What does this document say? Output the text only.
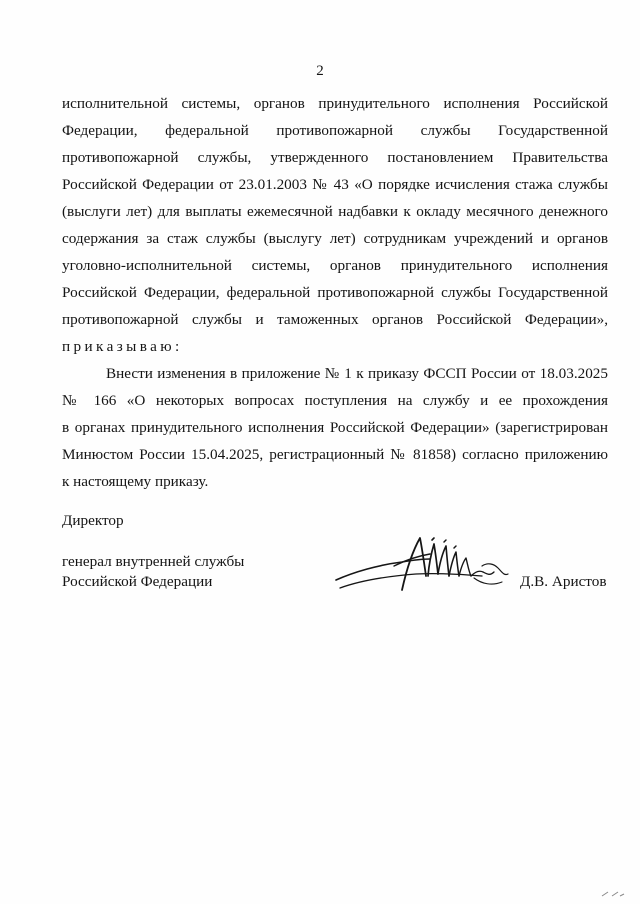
2
исполнительной системы, органов принудительного исполнения Российской
Федерации, федеральной противопожарной службы Государственной
противопожарной службы, утвержденного постановлением Правительства
Российской Федерации от 23.01.2003 № 43 «О порядке исчисления стажа службы
(выслуги лет) для выплаты ежемесячной надбавки к окладу месячного денежного
содержания за стаж службы (выслугу лет) сотрудникам учреждений и органов
уголовно-исполнительной системы, органов принудительного исполнения
Российской Федерации, федеральной противопожарной службы Государственной
противопожарной службы и таможенных органов Российской Федерации»,
приказываю:
Внести изменения в приложение № 1 к приказу ФССП России от 18.03.2025
№ 166 «О некоторых вопросах поступления на службу и ее прохождения
в органах принудительного исполнения Российской Федерации» (зарегистрирован
Минюстом России 15.04.2025, регистрационный № 81858) согласно приложению
к настоящему приказу.
Директор
генерал внутренней службы
Российской Федерации	Д.В. Аристов
